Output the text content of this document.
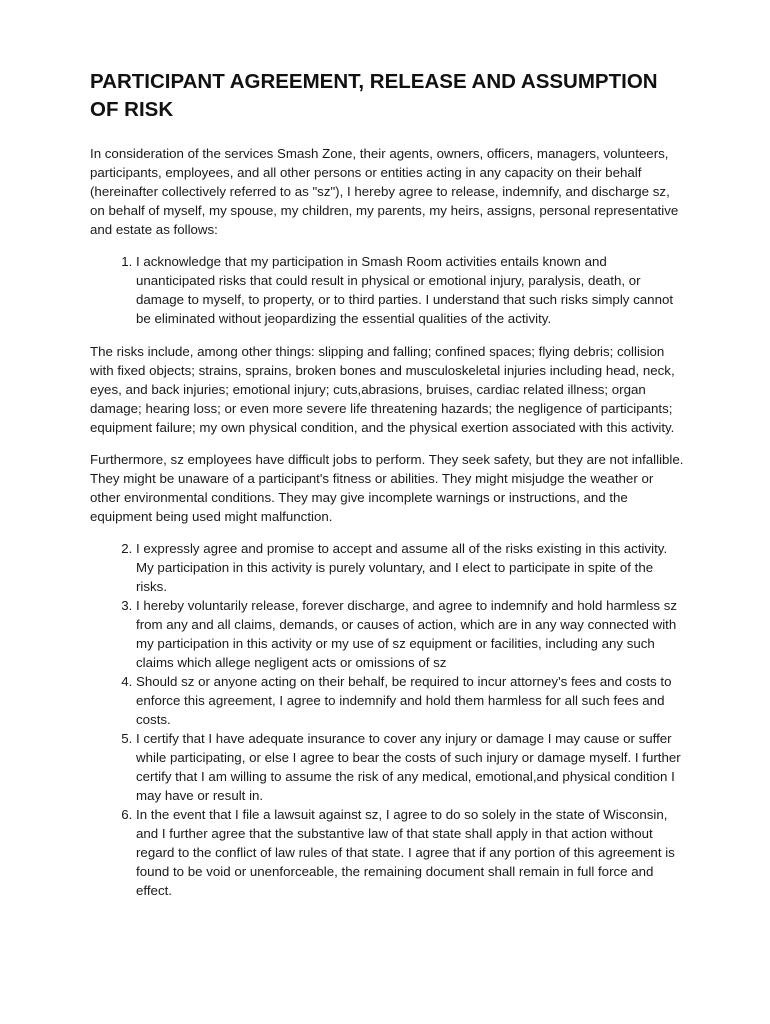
PARTICIPANT AGREEMENT, RELEASE AND ASSUMPTION OF RISK

In consideration of the services Smash Zone, their agents, owners, officers, managers, volunteers, participants, employees, and all other persons or entities acting in any capacity on their behalf (hereinafter collectively referred to as "sz"), I hereby agree to release, indemnify, and discharge sz, on behalf of myself, my spouse, my children, my parents, my heirs, assigns, personal representative and estate as follows:

1. I acknowledge that my participation in Smash Room activities entails known and unanticipated risks that could result in physical or emotional injury, paralysis, death, or damage to myself, to property, or to third parties. I understand that such risks simply cannot be eliminated without jeopardizing the essential qualities of the activity.

The risks include, among other things: slipping and falling; confined spaces; flying debris; collision with fixed objects; strains, sprains, broken bones and musculoskeletal injuries including head, neck, eyes, and back injuries; emotional injury; cuts,abrasions, bruises, cardiac related illness; organ damage; hearing loss; or even more severe life threatening hazards; the negligence of participants; equipment failure; my own physical condition, and the physical exertion associated with this activity.

Furthermore, sz employees have difficult jobs to perform. They seek safety, but they are not infallible. They might be unaware of a participant's fitness or abilities. They might misjudge the weather or other environmental conditions. They may give incomplete warnings or instructions, and the equipment being used might malfunction.

2. I expressly agree and promise to accept and assume all of the risks existing in this activity. My participation in this activity is purely voluntary, and I elect to participate in spite of the risks.
3. I hereby voluntarily release, forever discharge, and agree to indemnify and hold harmless sz from any and all claims, demands, or causes of action, which are in any way connected with my participation in this activity or my use of sz equipment or facilities, including any such claims which allege negligent acts or omissions of sz
4. Should sz or anyone acting on their behalf, be required to incur attorney's fees and costs to enforce this agreement, I agree to indemnify and hold them harmless for all such fees and costs.
5. I certify that I have adequate insurance to cover any injury or damage I may cause or suffer while participating, or else I agree to bear the costs of such injury or damage myself. I further certify that I am willing to assume the risk of any medical, emotional,and physical condition I may have or result in.
6. In the event that I file a lawsuit against sz, I agree to do so solely in the state of Wisconsin, and I further agree that the substantive law of that state shall apply in that action without regard to the conflict of law rules of that state. I agree that if any portion of this agreement is found to be void or unenforceable, the remaining document shall remain in full force and effect.
